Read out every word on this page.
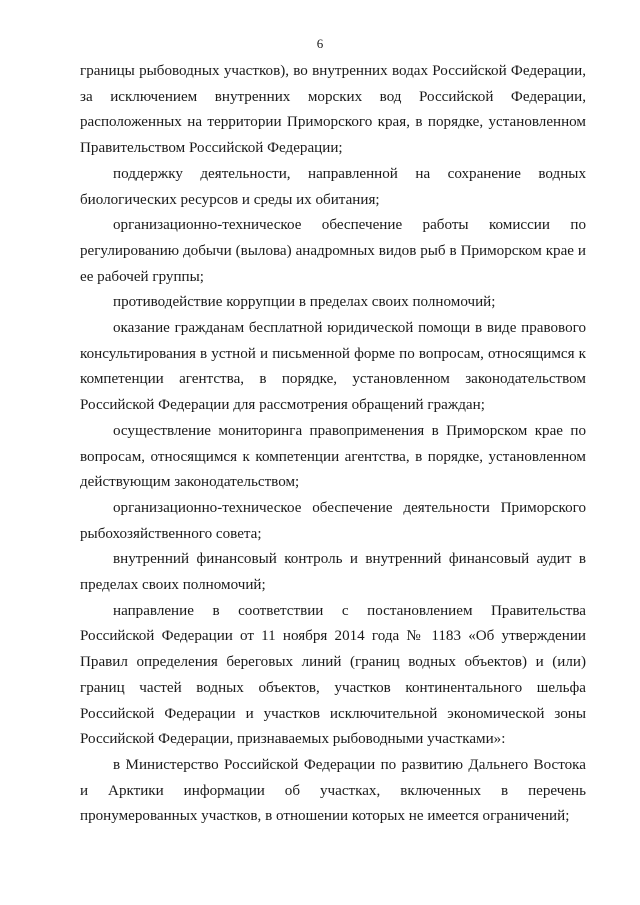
6

границы рыбоводных участков), во внутренних водах Российской Федерации, за исключением внутренних морских вод Российской Федерации, расположенных на территории Приморского края, в порядке, установленном Правительством Российской Федерации;

поддержку деятельности, направленной на сохранение водных биологических ресурсов и среды их обитания;

организационно-техническое обеспечение работы комиссии по регулированию добычи (вылова) анадромных видов рыб в Приморском крае и ее рабочей группы;

противодействие коррупции в пределах своих полномочий;

оказание гражданам бесплатной юридической помощи в виде правового консультирования в устной и письменной форме по вопросам, относящимся к компетенции агентства, в порядке, установленном законодательством Российской Федерации для рассмотрения обращений граждан;

осуществление мониторинга правоприменения в Приморском крае по вопросам, относящимся к компетенции агентства, в порядке, установленном действующим законодательством;

организационно-техническое обеспечение деятельности Приморского рыбохозяйственного совета;

внутренний финансовый контроль и внутренний финансовый аудит в пределах своих полномочий;

направление в соответствии с постановлением Правительства Российской Федерации от 11 ноября 2014 года № 1183 «Об утверждении Правил определения береговых линий (границ водных объектов) и (или) границ частей водных объектов, участков континентального шельфа Российской Федерации и участков исключительной экономической зоны Российской Федерации, признаваемых рыбоводными участками»:

в Министерство Российской Федерации по развитию Дальнего Востока и Арктики информации об участках, включенных в перечень пронумерованных участков, в отношении которых не имеется ограничений;
